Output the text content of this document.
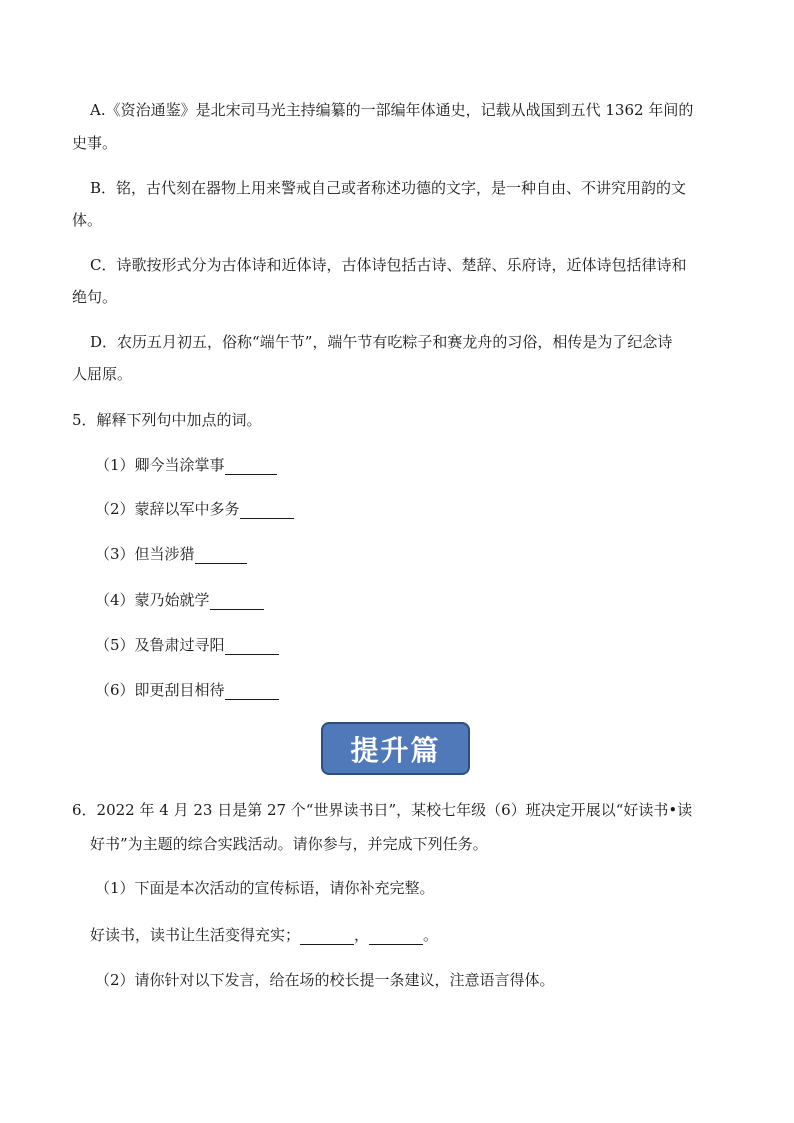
A.《资治通鉴》是北宋司马光主持编纂的一部编年体通史，记载从战国到五代 1362 年间的
史事。
B．铭，古代刻在器物上用来警戒自己或者称述功德的文字，是一种自由、不讲究用韵的文
体。
C．诗歌按形式分为古体诗和近体诗，古体诗包括古诗、楚辞、乐府诗，近体诗包括律诗和
绝句。
D．农历五月初五，俗称“端午节”，端午节有吃粽子和赛龙舟的习俗，相传是为了纪念诗
人屈原。
5．解释下列句中加点的词。
（1）卿今当涂掌事
（2）蒙辞以军中多务
（3）但当涉猎
（4）蒙乃始就学
（5）及鲁肃过寻阳
（6）即更刮目相待
提升篇
6．2022 年 4 月 23 日是第 27 个“世界读书日”，某校七年级（6）班决定开展以“好读书•读
好书”为主题的综合实践活动。请你参与，并完成下列任务。
（1）下面是本次活动的宣传标语，请你补充完整。
好读书，读书让生活变得充实；	，	。
（2）请你针对以下发言，给在场的校长提一条建议，注意语言得体。
